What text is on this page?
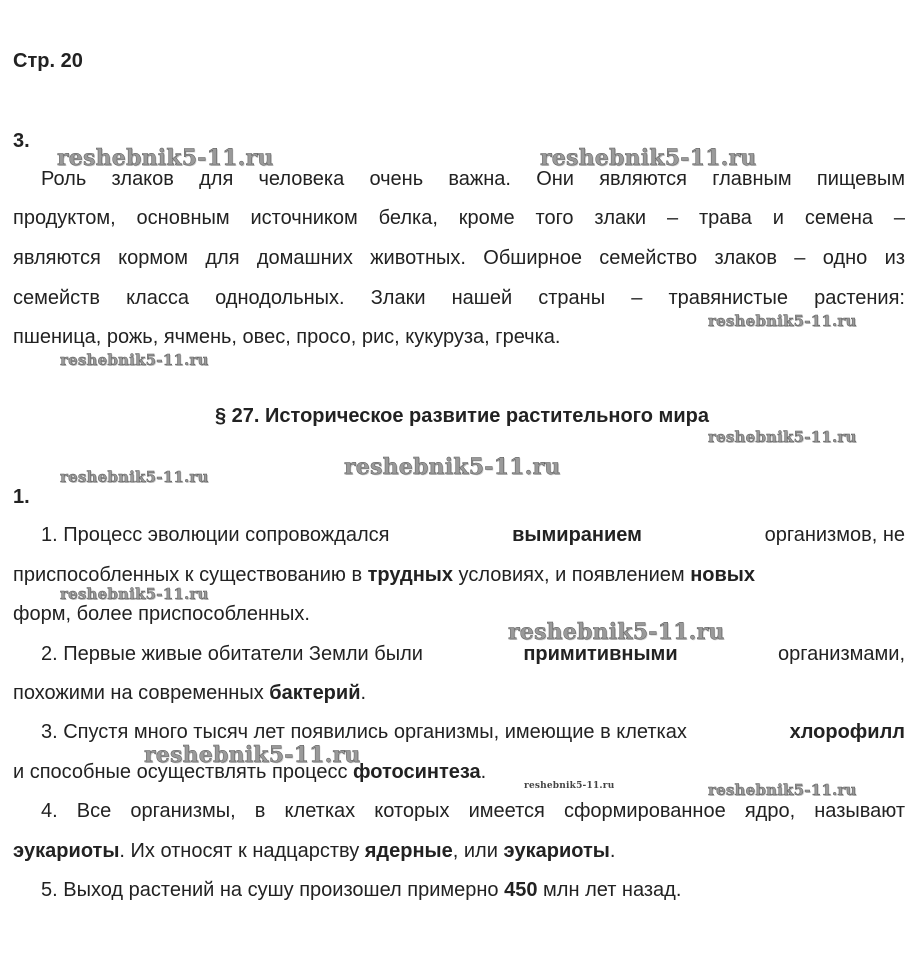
Стр. 20
3.
Роль злаков для человека очень важна. Они являются главным пищевым
продуктом, основным источником белка, кроме того злаки – трава и семена –
являются кормом для домашних животных. Обширное семейство злаков – одно из
семейств класса однодольных. Злаки нашей страны – травянистые растения:
пшеница, рожь, ячмень, овес, просо, рис, кукуруза, гречка.
§ 27. Историческое развитие растительного мира
1.
1. Процесс эволюции сопровождался	вымиранием	организмов, не
приспособленных к существованию в трудных условиях, и появлением новых
форм, более приспособленных.
2. Первые живые обитатели Земли были	примитивными	организмами,
похожими на современных бактерий.
3. Спустя много тысяч лет появились организмы, имеющие в клетках	хлорофилл
и способные осуществлять процесс фотосинтеза.
4. Все организмы, в клетках которых имеется сформированное ядро, называют
эукариоты. Их относят к надцарству ядерные, или эукариоты.
5. Выход растений на сушу произошел примерно 450 млн лет назад.
reshebnik5-11.ru	reshebnik5-11.ru
reshebnik5-11.ru
reshebnik5-11.ru
reshebnik5-11.ru
reshebnik5-11.ru
reshebnik5-11.ru
reshebnik5-11.ru
reshebnik5-11.ru
reshebnik5-11.ru
reshebnik5-11.ru	reshebnik5-11.ru
